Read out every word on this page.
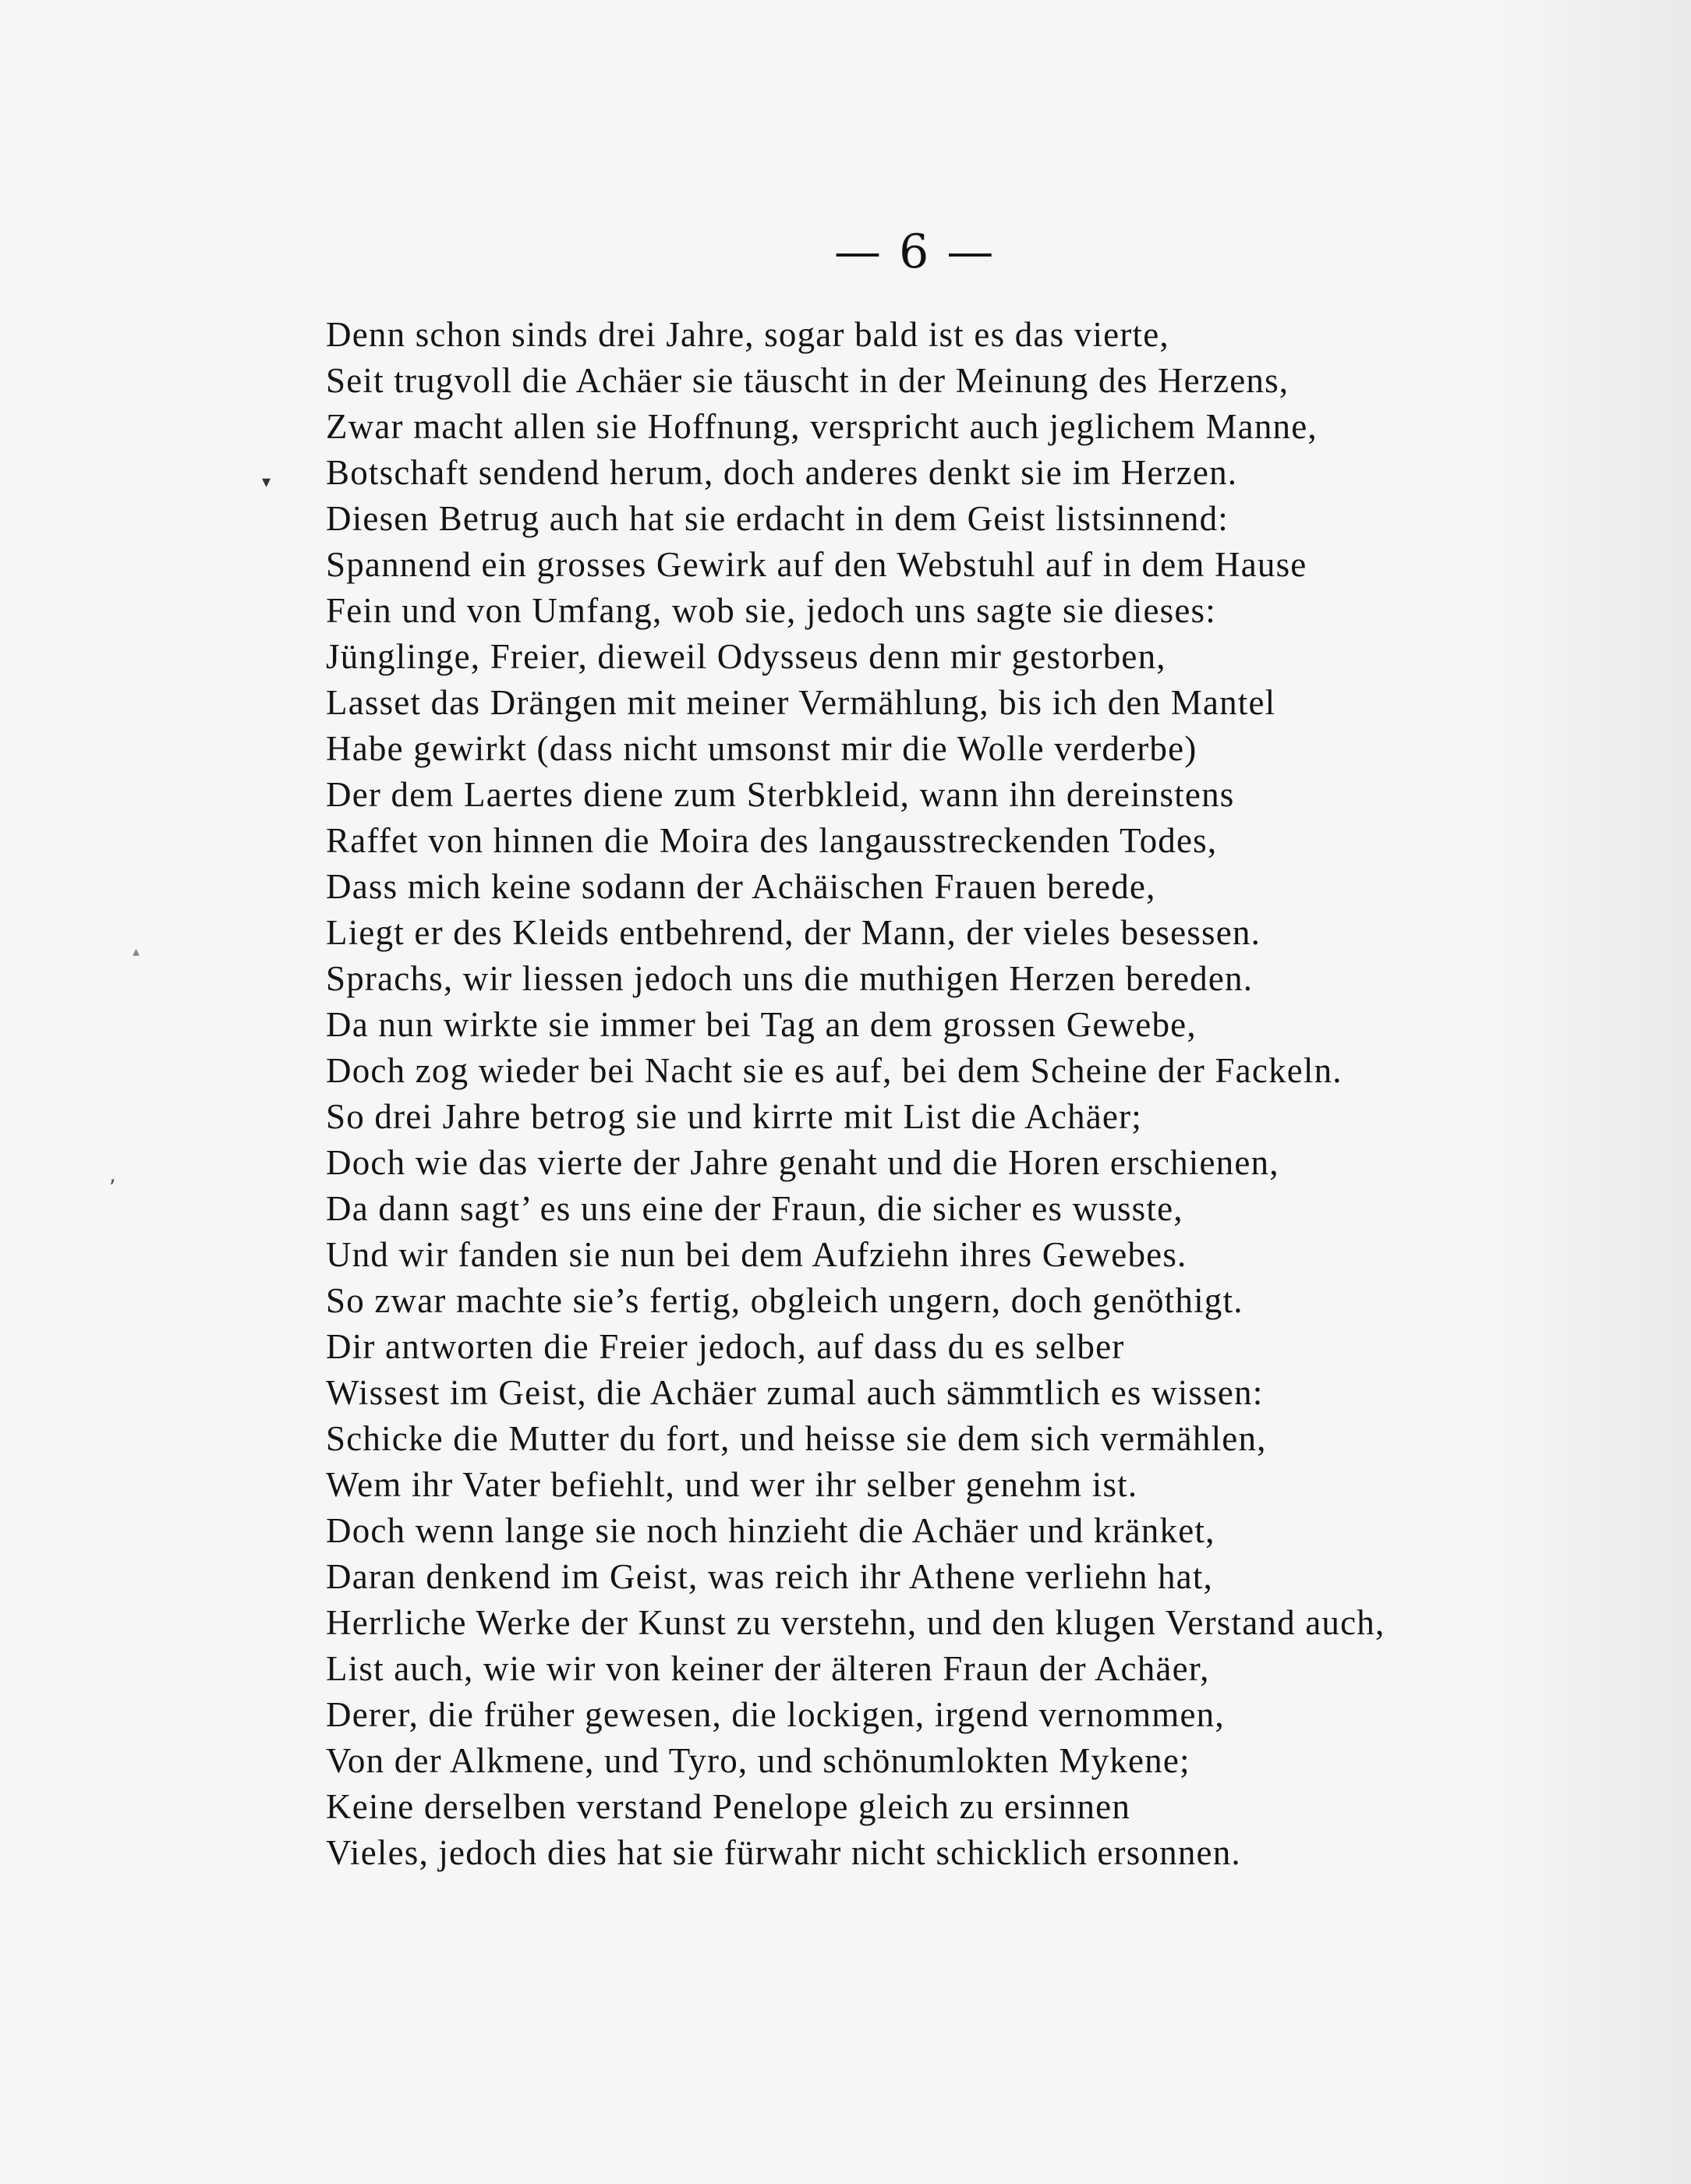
— 6 —
▾
▴
,
Denn schon sinds drei Jahre, sogar bald ist es das vierte,
Seit trugvoll die Achäer sie täuscht in der Meinung des Herzens,
Zwar macht allen sie Hoffnung, verspricht auch jeglichem Manne,
Botschaft sendend herum, doch anderes denkt sie im Herzen.
Diesen Betrug auch hat sie erdacht in dem Geist listsinnend:
Spannend ein grosses Gewirk auf den Webstuhl auf in dem Hause
Fein und von Umfang, wob sie, jedoch uns sagte sie dieses:
Jünglinge, Freier, dieweil Odysseus denn mir gestorben,
Lasset das Drängen mit meiner Vermählung, bis ich den Mantel
Habe gewirkt (dass nicht umsonst mir die Wolle verderbe)
Der dem Laertes diene zum Sterbkleid, wann ihn dereinstens
Raffet von hinnen die Moira des langausstreckenden Todes,
Dass mich keine sodann der Achäischen Frauen berede,
Liegt er des Kleids entbehrend, der Mann, der vieles besessen.
Sprachs, wir liessen jedoch uns die muthigen Herzen bereden.
Da nun wirkte sie immer bei Tag an dem grossen Gewebe,
Doch zog wieder bei Nacht sie es auf, bei dem Scheine der Fackeln.
So drei Jahre betrog sie und kirrte mit List die Achäer;
Doch wie das vierte der Jahre genaht und die Horen erschienen,
Da dann sagt’ es uns eine der Fraun, die sicher es wusste,
Und wir fanden sie nun bei dem Aufziehn ihres Gewebes.
So zwar machte sie’s fertig, obgleich ungern, doch genöthigt.
Dir antworten die Freier jedoch, auf dass du es selber
Wissest im Geist, die Achäer zumal auch sämmtlich es wissen:
Schicke die Mutter du fort, und heisse sie dem sich vermählen,
Wem ihr Vater befiehlt, und wer ihr selber genehm ist.
Doch wenn lange sie noch hinzieht die Achäer und kränket,
Daran denkend im Geist, was reich ihr Athene verliehn hat,
Herrliche Werke der Kunst zu verstehn, und den klugen Verstand auch,
List auch, wie wir von keiner der älteren Fraun der Achäer,
Derer, die früher gewesen, die lockigen, irgend vernommen,
Von der Alkmene, und Tyro, und schönumlokten Mykene;
Keine derselben verstand Penelope gleich zu ersinnen
Vieles, jedoch dies hat sie fürwahr nicht schicklich ersonnen.
